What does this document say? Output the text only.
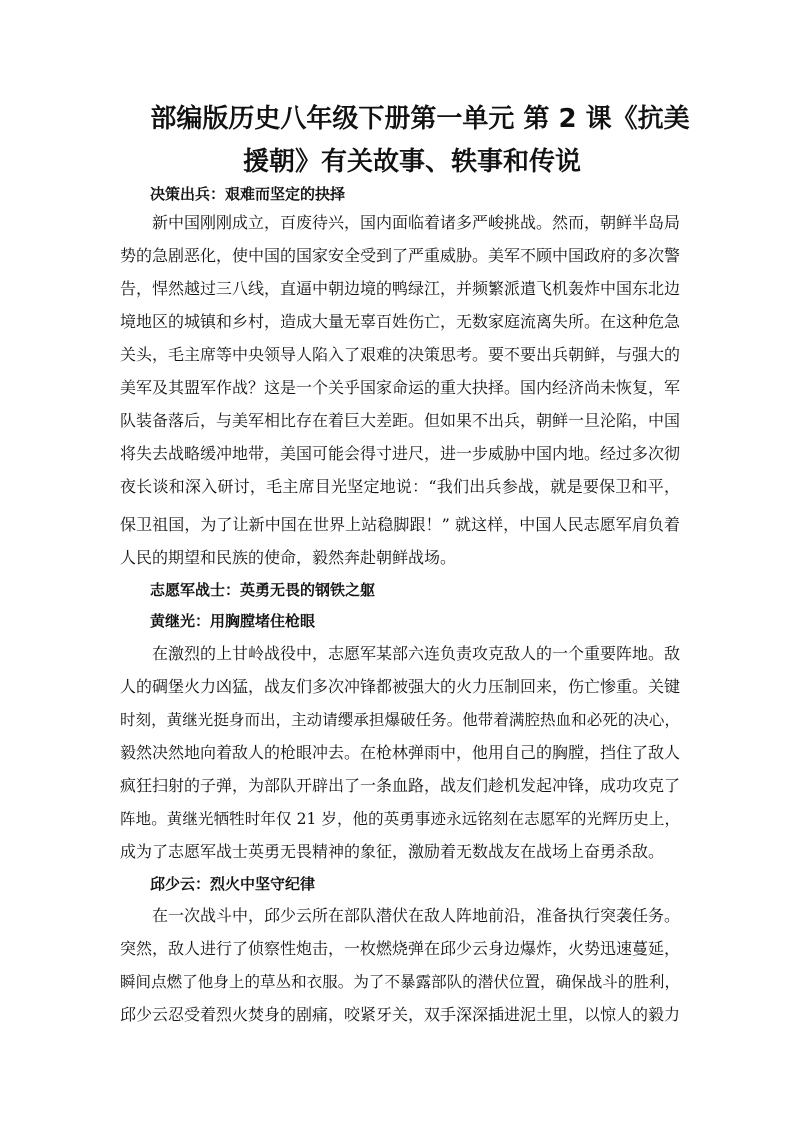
部编版历史八年级下册第一单元 第 2 课《抗美
援朝》有关故事、轶事和传说
决策出兵：艰难而坚定的抉择

新中国刚刚成立，百废待兴，国内面临着诸多严峻挑战。然而，朝鲜半岛局

势的急剧恶化，使中国的国家安全受到了严重威胁。美军不顾中国政府的多次警

告，悍然越过三八线，直逼中朝边境的鸭绿江，并频繁派遣飞机轰炸中国东北边

境地区的城镇和乡村，造成大量无辜百姓伤亡，无数家庭流离失所。在这种危急

关头，毛主席等中央领导人陷入了艰难的决策思考。要不要出兵朝鲜，与强大的

美军及其盟军作战？这是一个关乎国家命运的重大抉择。国内经济尚未恢复，军

队装备落后，与美军相比存在着巨大差距。但如果不出兵，朝鲜一旦沦陷，中国

将失去战略缓冲地带，美国可能会得寸进尺，进一步威胁中国内地。经过多次彻

夜长谈和深入研讨，毛主席目光坚定地说：“我们出兵参战，就是要保卫和平，

保卫祖国，为了让新中国在世界上站稳脚跟！” 就这样，中国人民志愿军肩负着

人民的期望和民族的使命，毅然奔赴朝鲜战场。

志愿军战士：英勇无畏的钢铁之躯
黄继光：用胸膛堵住枪眼

在激烈的上甘岭战役中，志愿军某部六连负责攻克敌人的一个重要阵地。敌

人的碉堡火力凶猛，战友们多次冲锋都被强大的火力压制回来，伤亡惨重。关键

时刻，黄继光挺身而出，主动请缨承担爆破任务。他带着满腔热血和必死的决心，

毅然决然地向着敌人的枪眼冲去。在枪林弹雨中，他用自己的胸膛，挡住了敌人

疯狂扫射的子弹，为部队开辟出了一条血路，战友们趁机发起冲锋，成功攻克了

阵地。黄继光牺牲时年仅 21 岁，他的英勇事迹永远铭刻在志愿军的光辉历史上，

成为了志愿军战士英勇无畏精神的象征，激励着无数战友在战场上奋勇杀敌。

邱少云：烈火中坚守纪律

在一次战斗中，邱少云所在部队潜伏在敌人阵地前沿，准备执行突袭任务。

突然，敌人进行了侦察性炮击，一枚燃烧弹在邱少云身边爆炸，火势迅速蔓延，

瞬间点燃了他身上的草丛和衣服。为了不暴露部队的潜伏位置，确保战斗的胜利，

邱少云忍受着烈火焚身的剧痛，咬紧牙关，双手深深插进泥土里，以惊人的毅力
